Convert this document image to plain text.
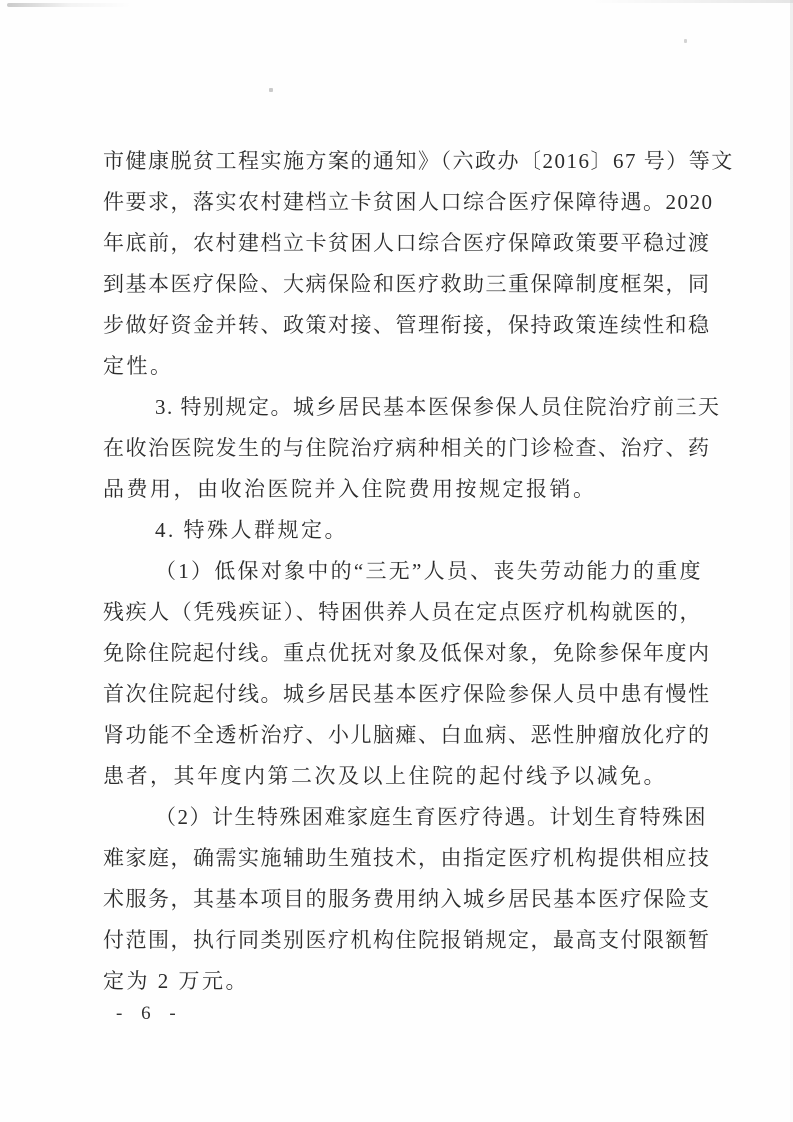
市健康脱贫工程实施方案的通知》（六政办〔2016〕67 号）等文
件要求，落实农村建档立卡贫困人口综合医疗保障待遇。2020
年底前，农村建档立卡贫困人口综合医疗保障政策要平稳过渡
到基本医疗保险、大病保险和医疗救助三重保障制度框架，同
步做好资金并转、政策对接、管理衔接，保持政策连续性和稳
定性。
3. 特别规定。城乡居民基本医保参保人员住院治疗前三天
在收治医院发生的与住院治疗病种相关的门诊检查、治疗、药
品费用，由收治医院并入住院费用按规定报销。
4. 特殊人群规定。
（1）低保对象中的“三无”人员、丧失劳动能力的重度
残疾人（凭残疾证）、特困供养人员在定点医疗机构就医的，
免除住院起付线。重点优抚对象及低保对象，免除参保年度内
首次住院起付线。城乡居民基本医疗保险参保人员中患有慢性
肾功能不全透析治疗、小儿脑瘫、白血病、恶性肿瘤放化疗的
患者，其年度内第二次及以上住院的起付线予以减免。
（2）计生特殊困难家庭生育医疗待遇。计划生育特殊困
难家庭，确需实施辅助生殖技术，由指定医疗机构提供相应技
术服务，其基本项目的服务费用纳入城乡居民基本医疗保险支
付范围，执行同类别医疗机构住院报销规定，最高支付限额暂
定为 2 万元。
- 6 -
